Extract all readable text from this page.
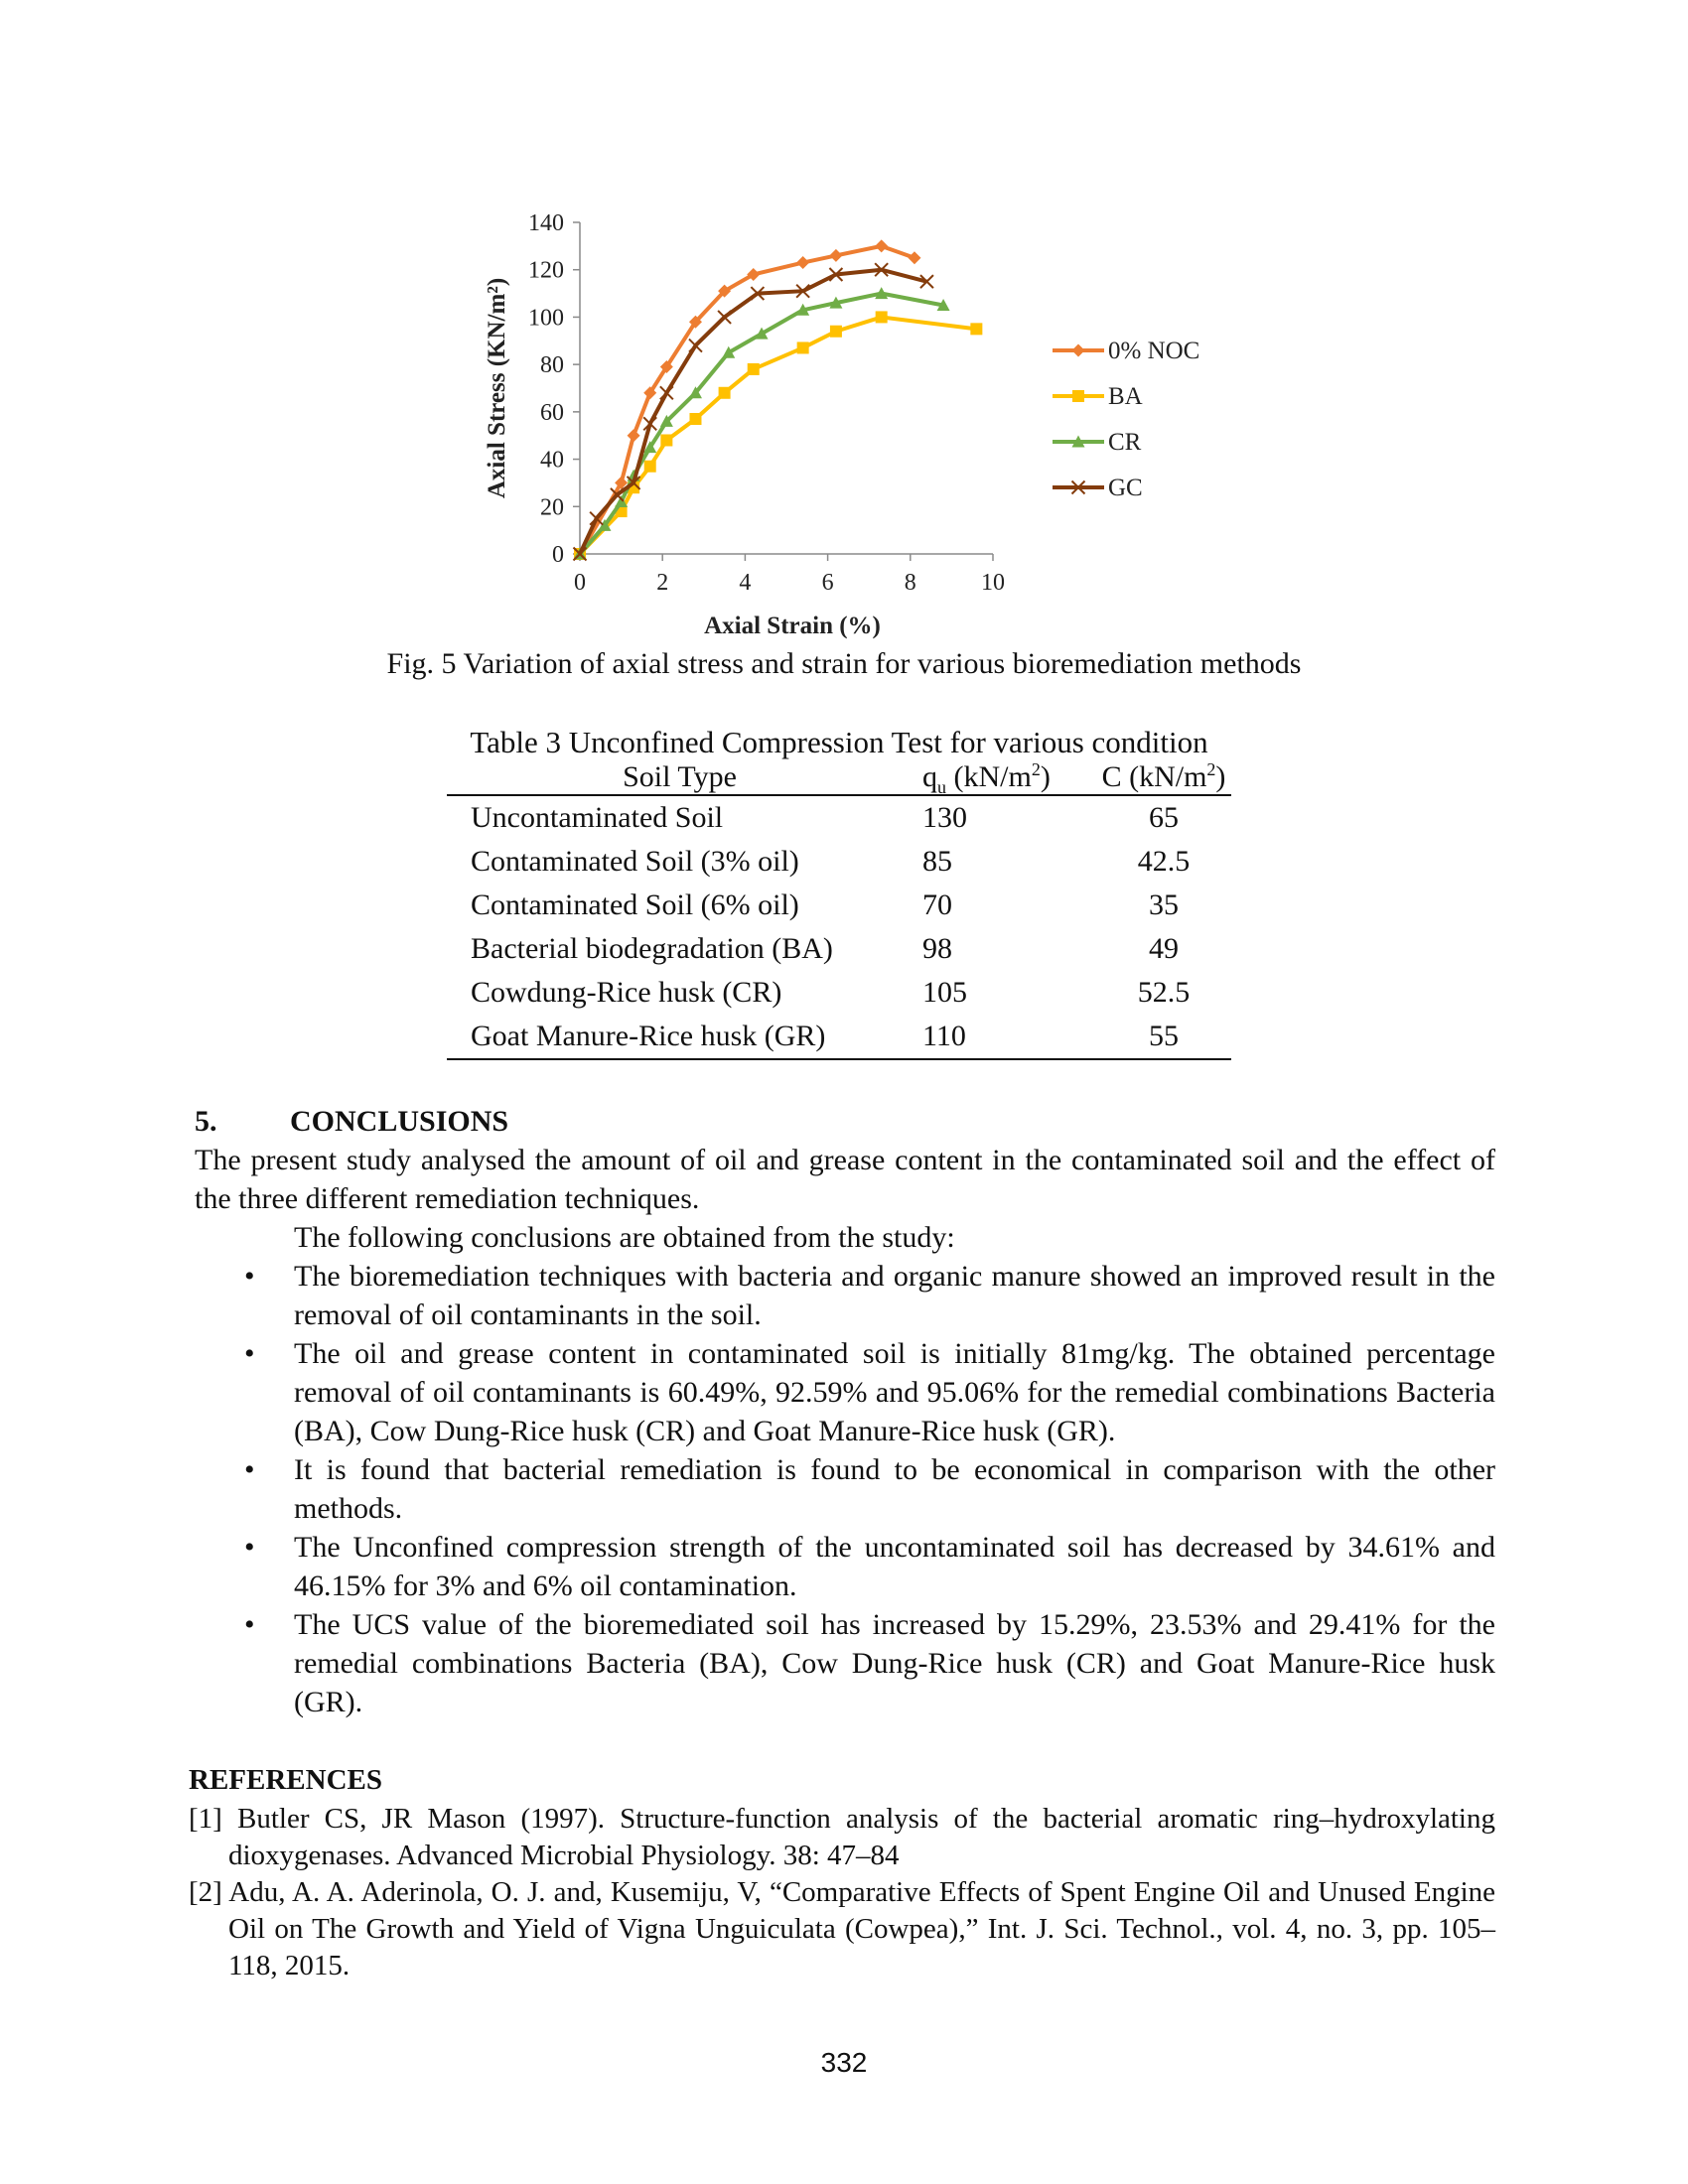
0
20
40
60
80
100
120
140
0	2	4	6	8	10
Axial Strain (%)
Axial Stress (KN/m²)	0% NOC
BA
CR
GC
Fig. 5 Variation of axial stress and strain for various bioremediation methods
Table 3 Unconfined Compression Test for various condition
Soil Type	$q_u$ $(kN/m^2)$	C $(kN/m^2)$
Uncontaminated Soil	130	65
Contaminated Soil (3% oil)	85	42.5
Contaminated Soil (6% oil)	70	35
Bacterial biodegradation (BA)	98	49
Cowdung-Rice husk (CR)	105	52.5
Goat Manure-Rice husk (GR)	110	55

5. CONCLUSIONS

The present study analysed the amount of oil and grease content in the contaminated soil and the effect of the three different remediation techniques.

The following conclusions are obtained from the study:

• The bioremediation techniques with bacteria and organic manure showed an improved result in the removal of oil contaminants in the soil.
• The oil and grease content in contaminated soil is initially 81mg/kg. The obtained percentage removal of oil contaminants is 60.49%, 92.59% and 95.06% for the remedial combinations Bacteria (BA), Cow Dung-Rice husk (CR) and Goat Manure-Rice husk (GR).
• It is found that bacterial remediation is found to be economical in comparison with the other methods.
• The Unconfined compression strength of the uncontaminated soil has decreased by 34.61% and 46.15% for 3% and 6% oil contamination.
• The UCS value of the bioremediated soil has increased by 15.29%, 23.53% and 29.41% for the remedial combinations Bacteria (BA), Cow Dung-Rice husk (CR) and Goat Manure-Rice husk (GR).

REFERENCES

[1] Butler CS, JR Mason (1997). Structure-function analysis of the bacterial aromatic ring–hydroxylating dioxygenases. Advanced Microbial Physiology. 38: 47–84

[2] Adu, A. A. Aderinola, O. J. and, Kusemiju, V, “Comparative Effects of Spent Engine Oil and Unused Engine Oil on The Growth and Yield of Vigna Unguiculata (Cowpea),” Int. J. Sci. Technol., vol. 4, no. 3, pp. 105–118, 2015.

332
